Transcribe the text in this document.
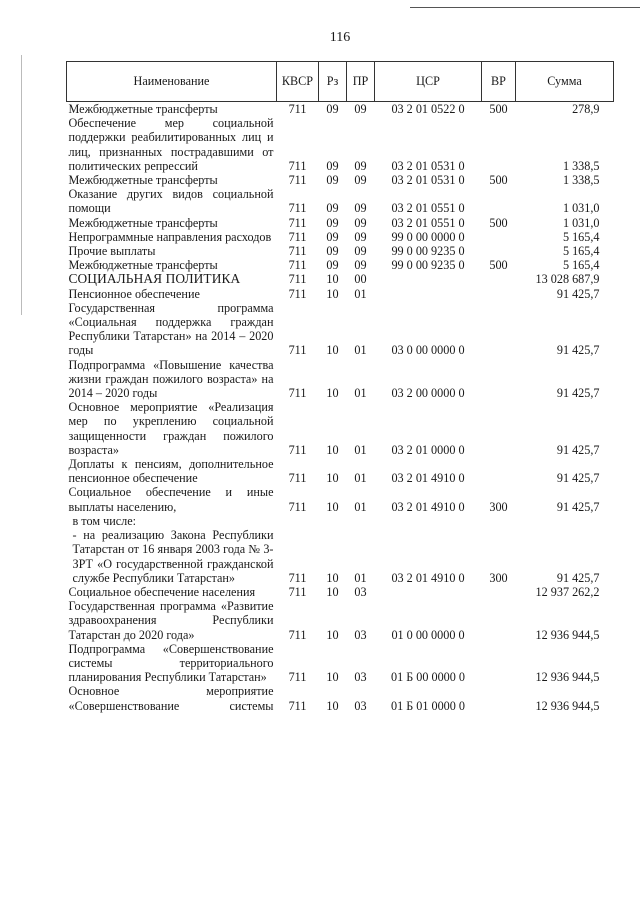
116
Наименование	КВСР	Рз	ПР	ЦСР	ВР	Сумма
Межбюджетные трансферты	711	09	09	03 2 01 0522 0	500	278,9
Обеспечение мер социальной поддержки реабилитированных лиц и лиц, признанных пострадавшими от политических репрессий	711	09	09	03 2 01 0531 0		1 338,5
Межбюджетные трансферты	711	09	09	03 2 01 0531 0	500	1 338,5
Оказание других видов социальной помощи	711	09	09	03 2 01 0551 0		1 031,0
Межбюджетные трансферты	711	09	09	03 2 01 0551 0	500	1 031,0
Непрограммные направления расходов	711	09	09	99 0 00 0000 0		5 165,4
Прочие выплаты	711	09	09	99 0 00 9235 0		5 165,4
Межбюджетные трансферты	711	09	09	99 0 00 9235 0	500	5 165,4
СОЦИАЛЬНАЯ ПОЛИТИКА	711	10	00			13 028 687,9
Пенсионное обеспечение	711	10	01			91 425,7
Государственная программа «Социальная поддержка граждан Республики Татарстан» на 2014 – 2020 годы	711	10	01	03 0 00 0000 0		91 425,7
Подпрограмма «Повышение качества жизни граждан пожилого возраста» на 2014 – 2020 годы	711	10	01	03 2 00 0000 0		91 425,7
Основное мероприятие «Реализация мер по укреплению социальной защищенности граждан пожилого возраста»	711	10	01	03 2 01 0000 0		91 425,7
Доплаты к пенсиям, дополнительное пенсионное обеспечение	711	10	01	03 2 01 4910 0		91 425,7
Социальное обеспечение и иные выплаты населению,	711	10	01	03 2 01 4910 0	300	91 425,7
в том числе:						
- на реализацию Закона Республики Татарстан от 16 января 2003 года № 3-ЗРТ «О государственной гражданской службе Республики Татарстан»	711	10	01	03 2 01 4910 0	300	91 425,7
Социальное обеспечение населения	711	10	03			12 937 262,2
Государственная программа «Развитие здравоохранения Республики Татарстан до 2020 года»	711	10	03	01 0 00 0000 0		12 936 944,5
Подпрограмма «Совершенствование системы территориального планирования Республики Татарстан»	711	10	03	01 Б 00 0000 0		12 936 944,5
Основное мероприятие «Совершенствование системы	711	10	03	01 Б 01 0000 0		12 936 944,5
